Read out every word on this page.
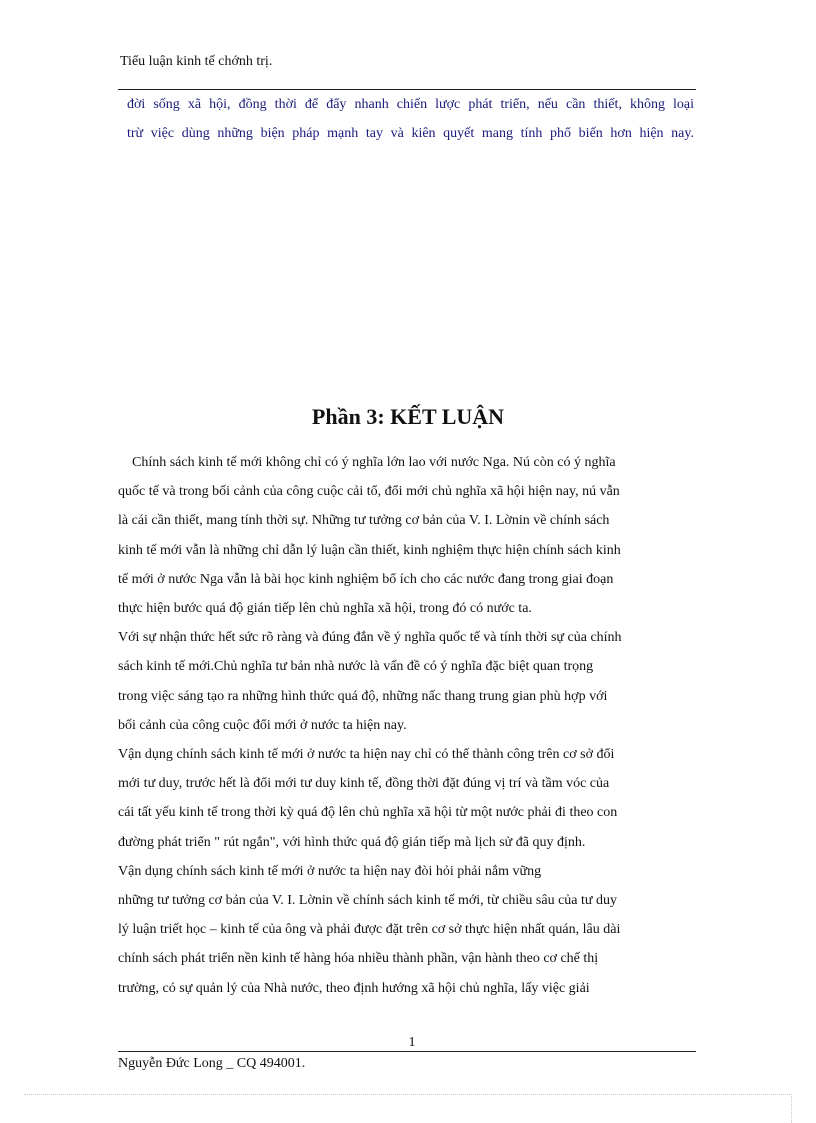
Tiểu luận kinh tế chớnh trị.
đời sống xã hội, đồng thời để đẩy nhanh chiến lược phát triển, nếu cần thiết, không loại
trừ việc dùng những biện pháp mạnh tay và kiên quyết mang tính phổ biến hơn hiện nay.
Phần 3: KẾT LUẬN
Chính sách kinh tế mới không chỉ có ý nghĩa lớn lao với nước Nga. Nú còn có ý nghĩa
quốc tế và trong bối cảnh của công cuộc cải tổ, đổi mới chủ nghĩa xã hội hiện nay, nú vẫn
là cái cần thiết, mang tính thời sự. Những tư tưởng cơ bản của V. I. Lờnin về chính sách
kinh tế mới vẫn là những chỉ dẫn lý luận cần thiết, kinh nghiệm thực hiện chính sách kinh
tế mới ở nước Nga vẫn là bài học kinh nghiệm bổ ích cho các nước đang trong giai đoạn
thực hiện bước quá độ gián tiếp lên chủ nghĩa xã hội, trong đó có nước ta.
Với sự nhận thức hết sức rõ ràng và đúng đắn về ý nghĩa quốc tế và tính thời sự của chính
sách kinh tế mới.Chủ nghĩa tư bản nhà nước là vấn đề có ý nghĩa đặc biệt quan trọng
trong việc sáng tạo ra những hình thức quá độ, những nấc thang trung gian phù hợp với
bối cảnh của công cuộc đổi mới ở nước ta hiện nay.
Vận dụng chính sách kinh tế mới ở nước ta hiện nay chỉ có thể thành công trên cơ sở đổi
mới tư duy, trước hết là đổi mới tư duy kinh tế, đồng thời đặt đúng vị trí và tầm vóc của
cái tất yếu kinh tế trong thời kỳ quá độ lên chủ nghĩa xã hội từ một nước phải đi theo con
đường phát triển " rút ngắn", với hình thức quá độ gián tiếp mà lịch sử đã quy định.
Vận dụng chính sách kinh tế mới ở nước ta hiện nay đòi hỏi phải nắm vững
những tư tưởng cơ bản của V. I. Lờnin về chính sách kinh tế mới, từ chiều sâu của tư duy
lý luận triết học – kinh tế của ông và phải được đặt trên cơ sở thực hiện nhất quán, lâu dài
chính sách phát triển nền kinh tế hàng hóa nhiều thành phần, vận hành theo cơ chế thị
trường, có sự quản lý của Nhà nước, theo định hướng xã hội chủ nghĩa, lấy việc giải
1
Nguyễn Đức Long _ CQ 494001.
